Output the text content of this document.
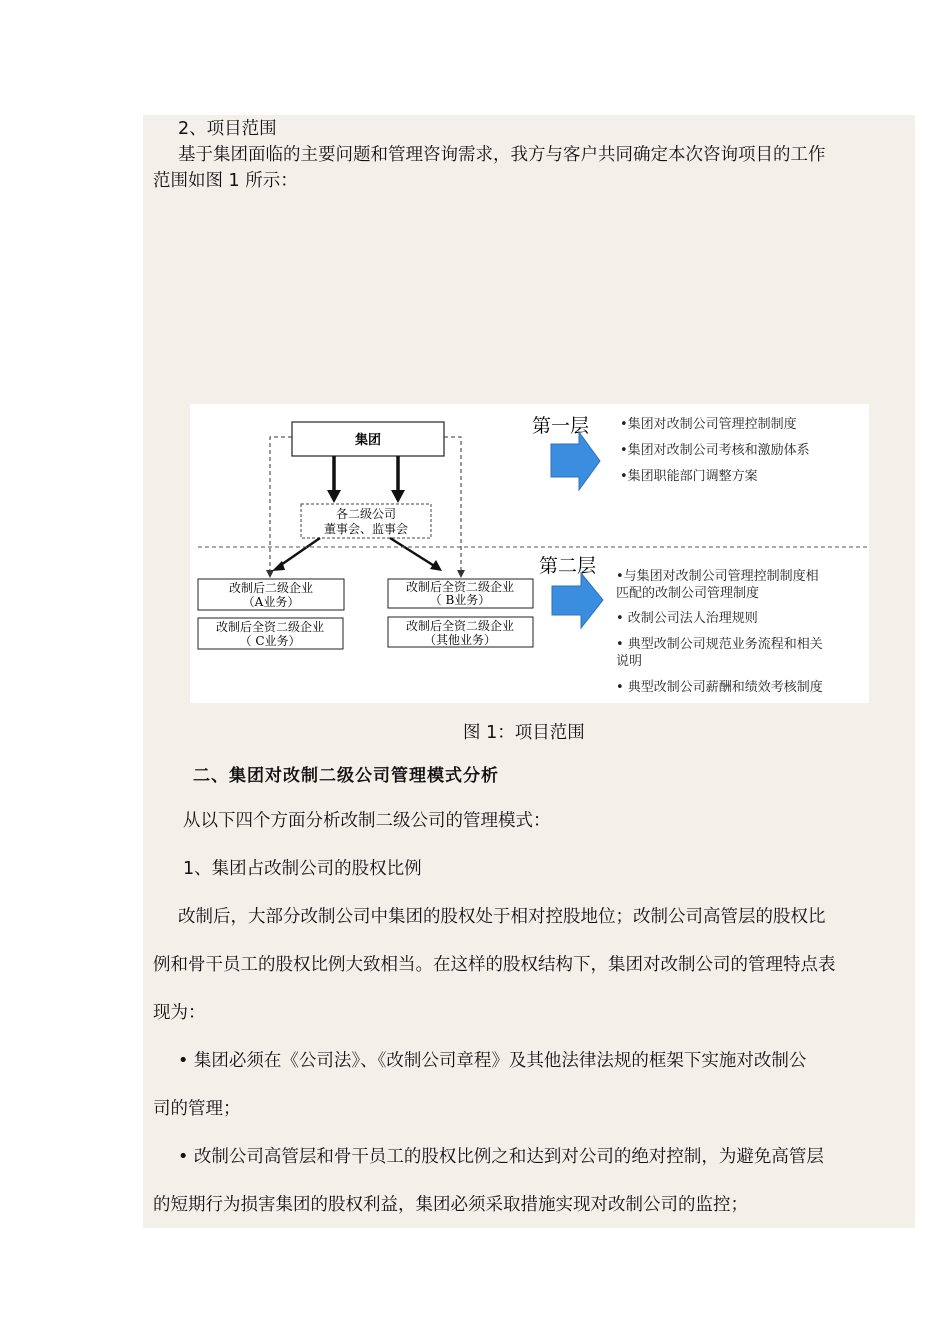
2、项目范围
基于集团面临的主要问题和管理咨询需求，我方与客户共同确定本次咨询项目的工作
范围如图 1 所示：
集团
各二级公司
董事会、监事会
改制后二级企业
（A业务）
改制后全资二级企业
（ B业务）
改制后全资二级企业
（ C业务）
改制后全资二级企业
（其他业务）
第一层 •集团对改制公司管理控制制度
•集团对改制公司考核和激励体系
•集团职能部门调整方案
第二层 •与集团对改制公司管理控制制度相
匹配的改制公司管理制度
• 改制公司法人治理规则
• 典型改制公司规范业务流程和相关
说明
• 典型改制公司薪酬和绩效考核制度
图 1：项目范围
二、集团对改制二级公司管理模式分析
从以下四个方面分析改制二级公司的管理模式：
1、集团占改制公司的股权比例
改制后，大部分改制公司中集团的股权处于相对控股地位；改制公司高管层的股权比
例和骨干员工的股权比例大致相当。在这样的股权结构下，集团对改制公司的管理特点表
现为：
• 集团必须在《公司法》、《改制公司章程》及其他法律法规的框架下实施对改制公
司的管理；
• 改制公司高管层和骨干员工的股权比例之和达到对公司的绝对控制，为避免高管层
的短期行为损害集团的股权利益，集团必须采取措施实现对改制公司的监控；
